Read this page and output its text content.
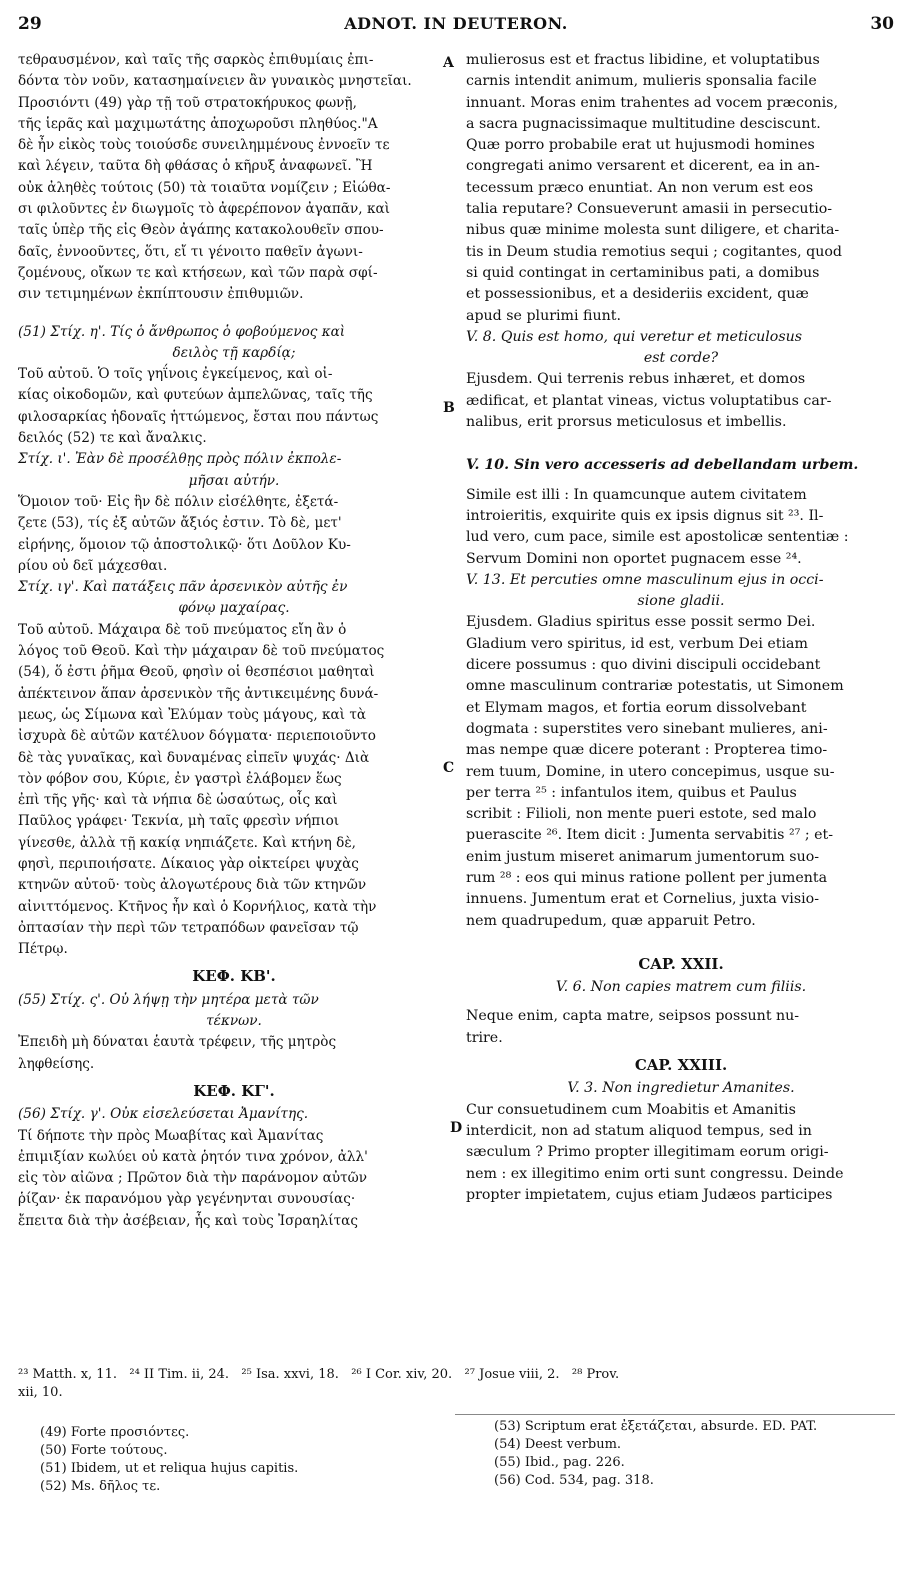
29	ADNOT. IN DEUTERON.	30
A
B
C
D

τεθραυσμένον, καὶ ταῖς τῆς σαρκὸς ἐπιθυμίαις ἐπι-

δόντα τὸν νοῦν, κατασημαίνειεν ἂν γυναικὸς μνηστεῖαι.

Προσιόντι (49) γὰρ τῇ τοῦ στρατοκήρυκος φωνῇ,

τῆς ἱερᾶς καὶ μαχιμωτάτης ἀποχωροῦσι πληθύος."Α

δὲ ἦν εἰκὸς τοὺς τοιούσδε συνειλημμένους ἐννοεῖν τε

καὶ λέγειν, ταῦτα δὴ φθάσας ὁ κῆρυξ ἀναφωνεῖ. Ἢ

οὐκ ἀληθὲς τούτοις (50) τὰ τοιαῦτα νομίζειν ; Εἰώθα-

σι φιλοῦντες ἐν διωγμοῖς τὸ ἀφερέπονον ἀγαπᾶν, καὶ

ταῖς ὑπὲρ τῆς εἰς Θεὸν ἀγάπης κατακολουθεῖν σπου-

δαῖς, ἐννοοῦντες, ὅτι, εἴ τι γένοιτο παθεῖν ἀγωνι-

ζομένους, οἴκων τε καὶ κτήσεων, καὶ τῶν παρὰ σφί-

σιν τετιμημένων ἐκπίπτουσιν ἐπιθυμιῶν.

(51) Στίχ. η'. Τίς ὁ ἄνθρωπος ὁ φοβούμενος καὶ

δειλὸς τῇ καρδίᾳ;

Τοῦ αὐτοῦ. Ὁ τοῖς γηΐνοις ἐγκείμενος, καὶ οἰ-

κίας οἰκοδομῶν, καὶ φυτεύων ἀμπελῶνας, ταῖς τῆς

φιλοσαρκίας ἡδοναῖς ἡττώμενος, ἔσται που πάντως

δειλός (52) τε καὶ ἄναλκις.

Στίχ. ι'. Ἐὰν δὲ προσέλθῃς πρὸς πόλιν ἐκπολε-

μῆσαι αὐτήν.

Ὅμοιον τοῦ· Εἰς ἣν δὲ πόλιν εἰσέλθητε, ἐξετά-

ζετε (53), τίς ἐξ αὐτῶν ἄξιός ἐστιν. Τὸ δὲ, μετ'

εἰρήνης, ὅμοιον τῷ ἀποστολικῷ· ὅτι Δοῦλον Κυ-

ρίου οὐ δεῖ μάχεσθαι.

Στίχ. ιγ'. Καὶ πατάξεις πᾶν ἀρσενικὸν αὐτῆς ἐν

φόνῳ μαχαίρας.

Τοῦ αὐτοῦ. Μάχαιρα δὲ τοῦ πνεύματος εἴη ἂν ὁ

λόγος τοῦ Θεοῦ. Καὶ τὴν μάχαιραν δὲ τοῦ πνεύματος

(54), ὅ ἐστι ῥῆμα Θεοῦ, φησὶν οἱ θεσπέσιοι μαθηταὶ

ἀπέκτεινον ἅπαν ἀρσενικὸν τῆς ἀντικειμένης δυνά-

μεως, ὡς Σίμωνα καὶ Ἐλύμαν τοὺς μάγους, καὶ τὰ

ἰσχυρὰ δὲ αὐτῶν κατέλυον δόγματα· περιεποιοῦντο

δὲ τὰς γυναῖκας, καὶ δυναμένας εἰπεῖν ψυχάς· Διὰ

τὸν φόβον σου, Κύριε, ἐν γαστρὶ ἐλάβομεν ἕως

ἐπὶ τῆς γῆς· καὶ τὰ νήπια δὲ ὡσαύτως, οἷς καὶ

Παῦλος γράφει· Τεκνία, μὴ ταῖς φρεσὶν νήπιοι

γίνεσθε, ἀλλὰ τῇ κακίᾳ νηπιάζετε. Καὶ κτήνη δὲ,

φησὶ, περιποιήσατε. Δίκαιος γὰρ οἰκτείρει ψυχὰς

κτηνῶν αὐτοῦ· τοὺς ἀλογωτέρους διὰ τῶν κτηνῶν

αἰνιττόμενος. Κτῆνος ἦν καὶ ὁ Κορνήλιος, κατὰ τὴν

ὀπτασίαν τὴν περὶ τῶν τετραπόδων φανεῖσαν τῷ

Πέτρῳ.

ΚΕΦ. ΚΒ'.

(55) Στίχ. ς'. Οὐ λήψῃ τὴν μητέρα μετὰ τῶν

τέκνων.

Ἐπειδὴ μὴ δύναται ἑαυτὰ τρέφειν, τῆς μητρὸς

ληφθείσης.

ΚΕΦ. ΚΓ'.

(56) Στίχ. γ'. Οὐκ εἰσελεύσεται Ἀμανίτης.

Τί δήποτε τὴν πρὸς Μωαβίτας καὶ Ἀμανίτας

ἐπιμιξίαν κωλύει οὐ κατὰ ῥητόν τινα χρόνον, ἀλλ'

εἰς τὸν αἰῶνα ; Πρῶτον διὰ τὴν παράνομον αὐτῶν

ῥίζαν· ἐκ παρανόμου γὰρ γεγένηνται συνουσίας·

ἔπειτα διὰ τὴν ἀσέβειαν, ἧς καὶ τοὺς Ἰσραηλίτας

mulierosus est et fractus libidine, et voluptatibus

carnis intendit animum, mulieris sponsalia facile

innuant. Moras enim trahentes ad vocem præconis,

a sacra pugnacissimaque multitudine desciscunt.

Quæ porro probabile erat ut hujusmodi homines

congregati animo versarent et dicerent, ea in an-

tecessum præco enuntiat. An non verum est eos

talia reputare? Consueverunt amasii in persecutio-

nibus quæ minime molesta sunt diligere, et charita-

tis in Deum studia remotius sequi ; cogitantes, quod

si quid contingat in certaminibus pati, a domibus

et possessionibus, et a desideriis excident, quæ

apud se plurimi fiunt.

V. 8. Quis est homo, qui veretur et meticulosus

est corde?

Ejusdem. Qui terrenis rebus inhæret, et domos

ædificat, et plantat vineas, victus voluptatibus car-

nalibus, erit prorsus meticulosus et imbellis.

V. 10. Sin vero accesseris ad debellandam urbem.

Simile est illi : In quamcunque autem civitatem

introieritis, exquirite quis ex ipsis dignus sit ²³. Il-

lud vero, cum pace, simile est apostolicæ sententiæ :

Servum Domini non oportet pugnacem esse ²⁴.

V. 13. Et percuties omne masculinum ejus in occi-

sione gladii.

Ejusdem. Gladius spiritus esse possit sermo Dei.

Gladium vero spiritus, id est, verbum Dei etiam

dicere possumus : quo divini discipuli occidebant

omne masculinum contrariæ potestatis, ut Simonem

et Elymam magos, et fortia eorum dissolvebant

dogmata : superstites vero sinebant mulieres, ani-

mas nempe quæ dicere poterant : Propterea timo-

rem tuum, Domine, in utero concepimus, usque su-

per terra ²⁵ : infantulos item, quibus et Paulus

scribit : Filioli, non mente pueri estote, sed malo

puerascite ²⁶. Item dicit : Jumenta servabitis ²⁷ ; et-

enim justum miseret animarum jumentorum suo-

rum ²⁸ : eos qui minus ratione pollent per jumenta

innuens. Jumentum erat et Cornelius, juxta visio-

nem quadrupedum, quæ apparuit Petro.

CAP. XXII.

V. 6. Non capies matrem cum filiis.

Neque enim, capta matre, seipsos possunt nu-

trire.

CAP. XXIII.

V. 3. Non ingredietur Amanites.

Cur consuetudinem cum Moabitis et Amanitis

interdicit, non ad statum aliquod tempus, sed in

sæculum ? Primo propter illegitimam eorum origi-

nem : ex illegitimo enim orti sunt congressu. Deinde

propter impietatem, cujus etiam Judæos participes

²³ Matth. x, 11.   ²⁴ II Tim. ii, 24.   ²⁵ Isa. xxvi, 18.   ²⁶ I Cor. xiv, 20.   ²⁷ Josue viii, 2.   ²⁸ Prov.
xii, 10.
(49) Forte προσιόντες.
(50) Forte τούτους.
(51) Ibidem, ut et reliqua hujus capitis.
(52) Ms. δῆλος τε.
(53) Scriptum erat ἐξετάζεται, absurde. ED. PAT.
(54) Deest verbum.
(55) Ibid., pag. 226.
(56) Cod. 534, pag. 318.
